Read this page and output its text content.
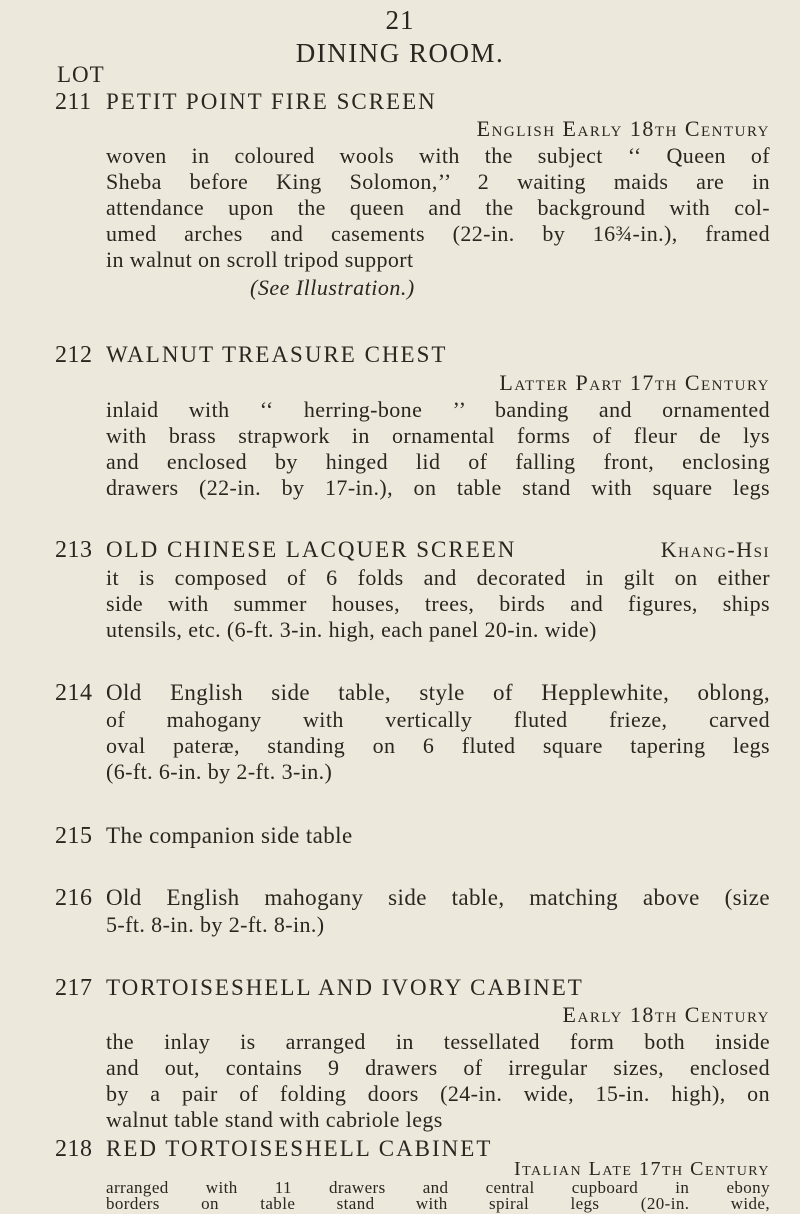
21
DINING ROOM.
LOT
211 PETIT POINT FIRE SCREEN
English Early 18th Century
woven in coloured wools with the subject ‘‘ Queen of
Sheba before King Solomon,’’ 2 waiting maids are in
attendance upon the queen and the background with col-
umed arches and casements (22-in. by 16¾-in.), framed
in walnut on scroll tripod support
(See Illustration.)
212 WALNUT TREASURE CHEST
Latter Part 17th Century
inlaid with ‘‘ herring-bone ’’ banding and ornamented
with brass strapwork in ornamental forms of fleur de lys
and enclosed by hinged lid of falling front, enclosing
drawers (22-in. by 17-in.), on table stand with square legs
213 OLD CHINESE LACQUER SCREEN	Khang-Hsi
it is composed of 6 folds and decorated in gilt on either
side with summer houses, trees, birds and figures, ships
utensils, etc. (6-ft. 3-in. high, each panel 20-in. wide)
214 Old English side table, style of Hepplewhite, oblong,
of mahogany with vertically fluted frieze, carved
oval pateræ, standing on 6 fluted square tapering legs
(6-ft. 6-in. by 2-ft. 3-in.)
215 The companion side table
216 Old English mahogany side table, matching above (size
5-ft. 8-in. by 2-ft. 8-in.)
217 TORTOISESHELL AND IVORY CABINET
Early 18th Century
the inlay is arranged in tessellated form both inside
and out, contains 9 drawers of irregular sizes, enclosed
by a pair of folding doors (24-in. wide, 15-in. high), on
walnut table stand with cabriole legs
218 RED TORTOISESHELL CABINET
Italian Late 17th Century
arranged with 11 drawers and central cupboard in ebony
borders on table stand with spiral legs (20-in. wide,
